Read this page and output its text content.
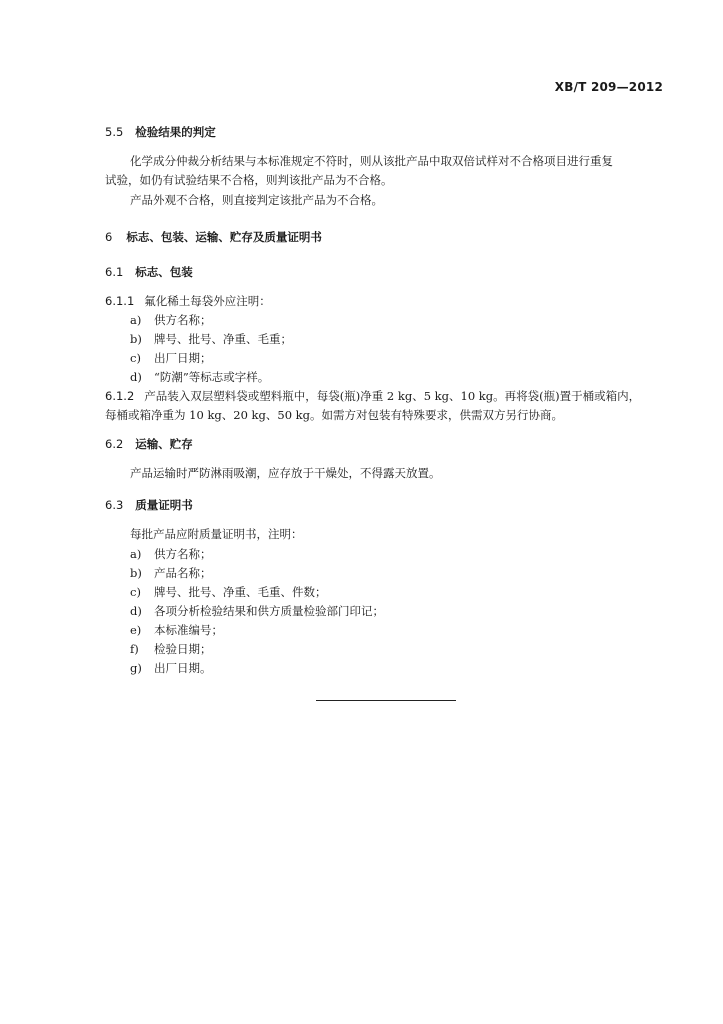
XB/T 209—2012
5.5 检验结果的判定
化学成分仲裁分析结果与本标准规定不符时，则从该批产品中取双倍试样对不合格项目进行重复
试验，如仍有试验结果不合格，则判该批产品为不合格。
产品外观不合格，则直接判定该批产品为不合格。
6 标志、包装、运输、贮存及质量证明书
6.1 标志、包装
6.1.1 氟化稀土每袋外应注明：
a) 供方名称；
b) 牌号、批号、净重、毛重；
c) 出厂日期；
d) “防潮”等标志或字样。
6.1.2 产品装入双层塑料袋或塑料瓶中，每袋(瓶)净重 2 kg、5 kg、10 kg。再将袋(瓶)置于桶或箱内，
每桶或箱净重为 10 kg、20 kg、50 kg。如需方对包装有特殊要求，供需双方另行协商。
6.2 运输、贮存
产品运输时严防淋雨吸潮，应存放于干燥处，不得露天放置。
6.3 质量证明书
每批产品应附质量证明书，注明：
a) 供方名称；
b) 产品名称；
c) 牌号、批号、净重、毛重、件数；
d) 各项分析检验结果和供方质量检验部门印记；
e) 本标准编号；
f) 检验日期；
g) 出厂日期。
